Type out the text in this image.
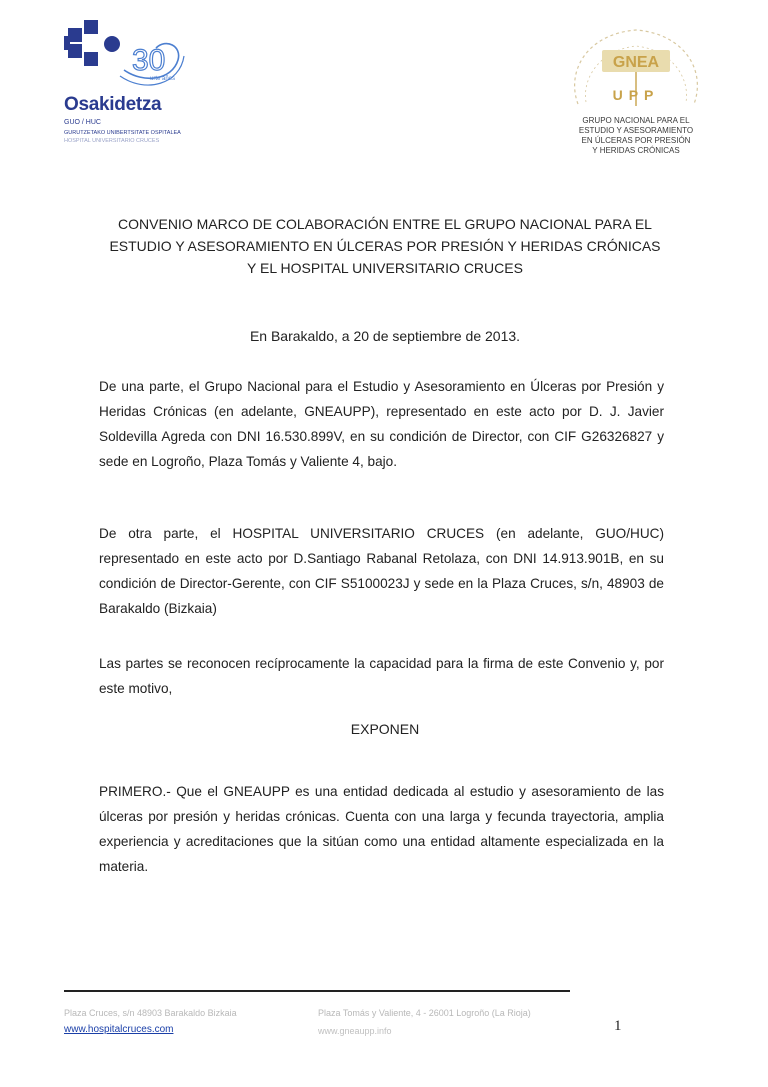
30
urte años
Osakidetza
GUO / HUC
GURUTZETAKO UNIBERTSITATE OSPITALEA
HOSPITAL UNIVERSITARIO CRUCES
GNEA
UPP
GRUPO NACIONAL PARA EL
ESTUDIO Y ASESORAMIENTO
EN ÚLCERAS POR PRESIÓN
Y HERIDAS CRÓNICAS
CONVENIO MARCO DE COLABORACIÓN ENTRE EL GRUPO NACIONAL PARA EL
ESTUDIO Y ASESORAMIENTO EN ÚLCERAS POR PRESIÓN Y HERIDAS CRÓNICAS
Y EL HOSPITAL UNIVERSITARIO CRUCES
En Barakaldo, a 20 de septiembre de 2013.
De una parte, el Grupo Nacional para el Estudio y Asesoramiento en Úlceras por Presión y Heridas Crónicas (en adelante, GNEAUPP), representado en este acto por D. J. Javier Soldevilla Agreda con DNI 16.530.899V, en su condición de Director, con CIF G26326827 y sede en Logroño, Plaza Tomás y Valiente 4, bajo.
De otra parte, el HOSPITAL UNIVERSITARIO CRUCES (en adelante, GUO/HUC) representado en este acto por D.Santiago Rabanal Retolaza, con DNI 14.913.901B, en su condición de Director-Gerente, con CIF S5100023J y sede en la Plaza Cruces, s/n, 48903 de Barakaldo (Bizkaia)
Las partes se reconocen recíprocamente la capacidad para la firma de este Convenio y, por este motivo,
EXPONEN
PRIMERO.- Que el GNEAUPP es una entidad dedicada al estudio y asesoramiento de las úlceras por presión y heridas crónicas. Cuenta con una larga y fecunda trayectoria, amplia experiencia y acreditaciones que la sitúan como una entidad altamente especializada en la materia.
Plaza Cruces, s/n 48903 Barakaldo Bizkaia	Plaza Tomás y Valiente, 4 - 26001 Logroño (La Rioja)
www.gneaupp.info
www.hospitalcruces.com	1
